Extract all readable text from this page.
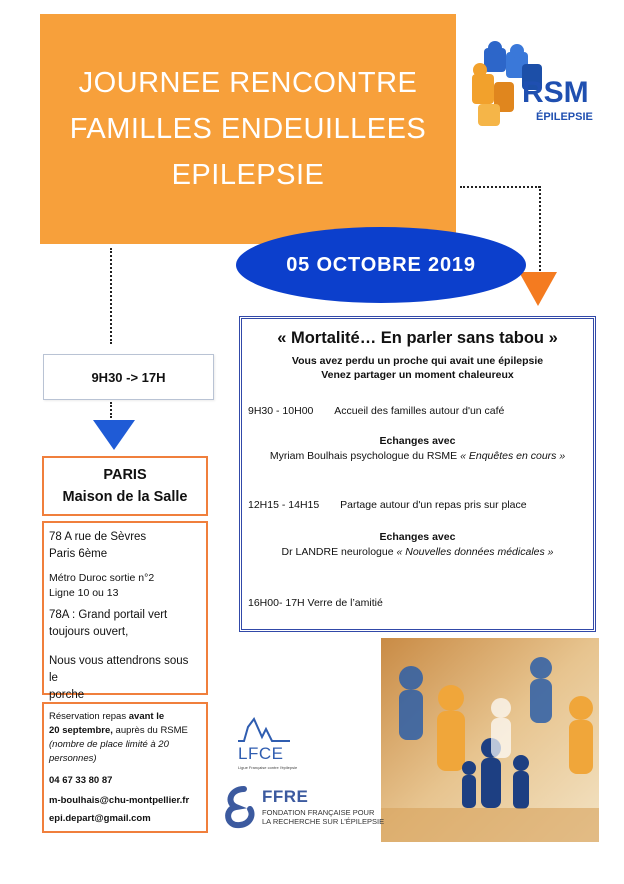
JOURNEE RENCONTRE
FAMILLES ENDEUILLEES
EPILEPSIE
RSM
ÉPILEPSIE
05 OCTOBRE 2019
9H30 -> 17H
PARIS
Maison de la Salle

78 A rue de Sèvres

Paris 6ème

Métro Duroc sortie n°2

Ligne 10 ou 13

78A : Grand portail vert

toujours ouvert,

Nous vous attendrons sous le

porche

Réservation repas avant le
20 septembre, auprès du RSME
(nombre de place limité à 20 personnes)
04 67 33 80 87
m-boulhais@chu-montpellier.fr
epi.depart@gmail.com
« Mortalité… En parler sans tabou »
Vous avez perdu un proche qui avait une épilepsie
Venez partager un moment chaleureux
9H30 - 10H00 Accueil des familles autour d'un café
Echanges avec
Myriam Boulhais psychologue du RSME « Enquêtes en cours »
12H15 - 14H15 Partage autour d'un repas pris sur place
Echanges avec
Dr LANDRE neurologue « Nouvelles données médicales »
16H00- 17H Verre de l’amitié
LFCE
Ligue Française contre l'épilepsie
FFRE
FONDATION FRANÇAISE POUR
LA RECHERCHE SUR L’ÉPILEPSIE
